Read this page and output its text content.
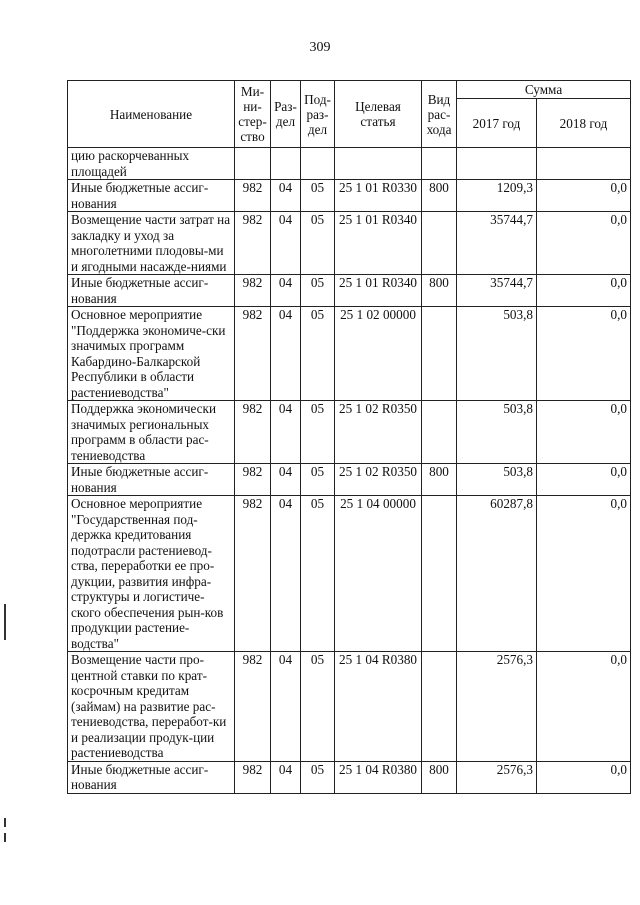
309
Наименование	Ми-ни-стер-ство	Раз-дел	Под-раз-дел	Целевая статья	Вид рас-хода	Сумма	
						2017 год	2018 год
цию раскорчеванных площадей							
Иные бюджетные ассиг-нования	982	04	05	25 1 01 R0330	800	1209,3	0,0
Возмещение части затрат на закладку и уход за многолетними плодовы-ми и ягодными насажде-ниями	982	04	05	25 1 01 R0340		35744,7	0,0
Иные бюджетные ассиг-нования	982	04	05	25 1 01 R0340	800	35744,7	0,0
Основное мероприятие "Поддержка экономиче-ски значимых программ Кабардино-Балкарской Республики в области растениеводства"	982	04	05	25 1 02 00000		503,8	0,0
Поддержка экономически значимых региональных программ в области рас-тениеводства	982	04	05	25 1 02 R0350		503,8	0,0
Иные бюджетные ассиг-нования	982	04	05	25 1 02 R0350	800	503,8	0,0
Основное мероприятие "Государственная под-держка кредитования подотрасли растениевод-ства, переработки ее про-дукции, развития инфра-структуры и логистиче-ского обеспечения рын-ков продукции растение-водства"	982	04	05	25 1 04 00000		60287,8	0,0
Возмещение части про-центной ставки по крат-косрочным кредитам (займам) на развитие рас-тениеводства, переработ-ки и реализации продук-ции растениеводства	982	04	05	25 1 04 R0380		2576,3	0,0
Иные бюджетные ассиг-нования	982	04	05	25 1 04 R0380	800	2576,3	0,0
